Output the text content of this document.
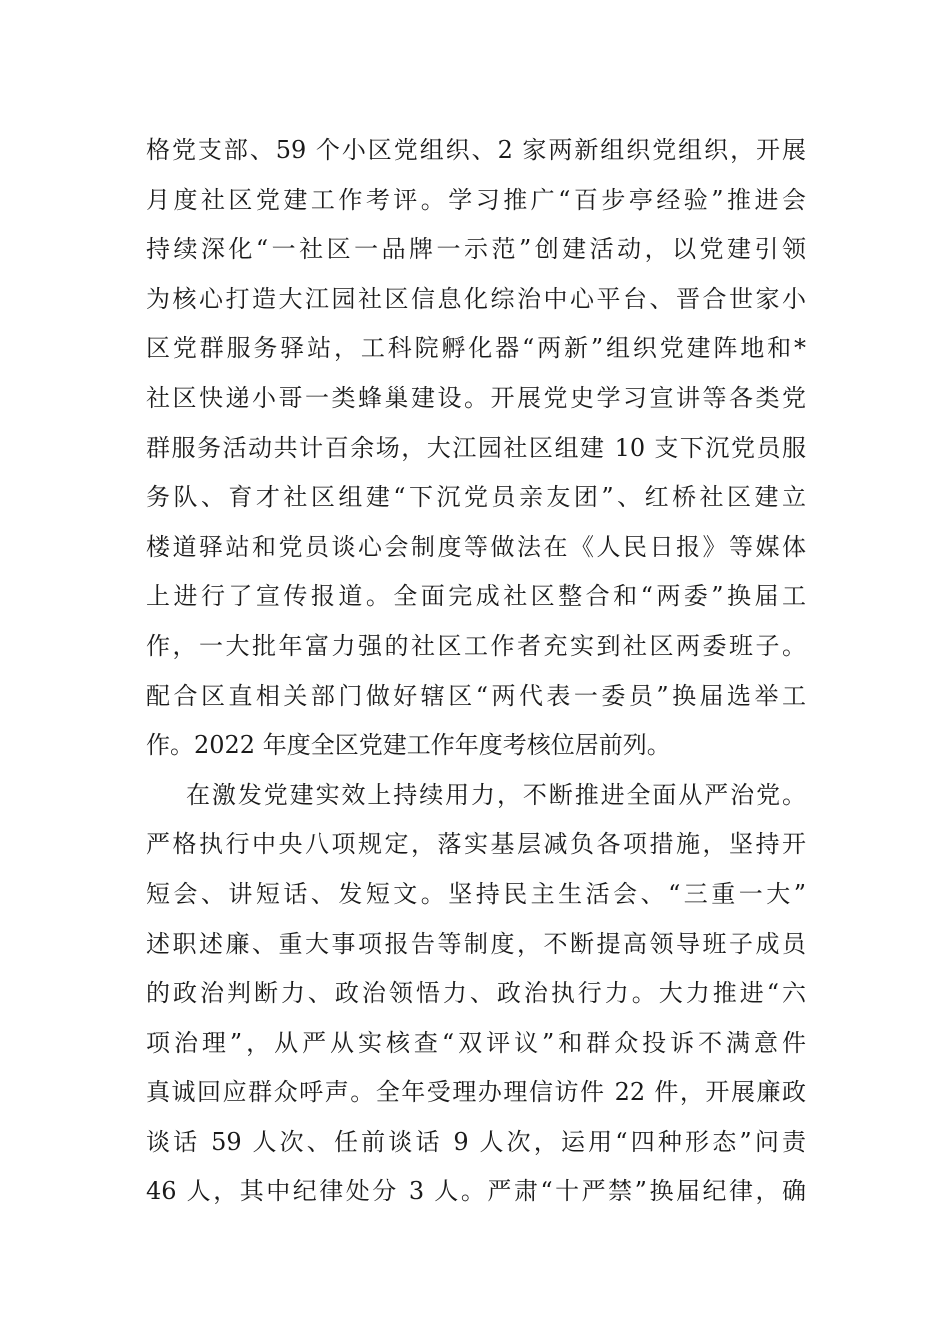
格党支部、59 个小区党组织、2 家两新组织党组织，开展
月度社区党建工作考评。学习推广“百步亭经验”推进会
持续深化“一社区一品牌一示范”创建活动，以党建引领
为核心打造大江园社区信息化综治中心平台、晋合世家小
区党群服务驿站，工科院孵化器“两新”组织党建阵地和*
社区快递小哥一类蜂巢建设。开展党史学习宣讲等各类党
群服务活动共计百余场，大江园社区组建 10 支下沉党员服
务队、育才社区组建“下沉党员亲友团”、红桥社区建立
楼道驿站和党员谈心会制度等做法在《人民日报》等媒体
上进行了宣传报道。全面完成社区整合和“两委”换届工
作，一大批年富力强的社区工作者充实到社区两委班子。
配合区直相关部门做好辖区“两代表一委员”换届选举工
作。2022 年度全区党建工作年度考核位居前列。
在激发党建实效上持续用力，不断推进全面从严治党。
严格执行中央八项规定，落实基层减负各项措施，坚持开
短会、讲短话、发短文。坚持民主生活会、“三重一大”
述职述廉、重大事项报告等制度，不断提高领导班子成员
的政治判断力、政治领悟力、政治执行力。大力推进“六
项治理”，从严从实核查“双评议”和群众投诉不满意件
真诚回应群众呼声。全年受理办理信访件 22 件，开展廉政
谈话 59 人次、任前谈话 9 人次，运用“四种形态”问责
46 人，其中纪律处分 3 人。严肃“十严禁”换届纪律，确
